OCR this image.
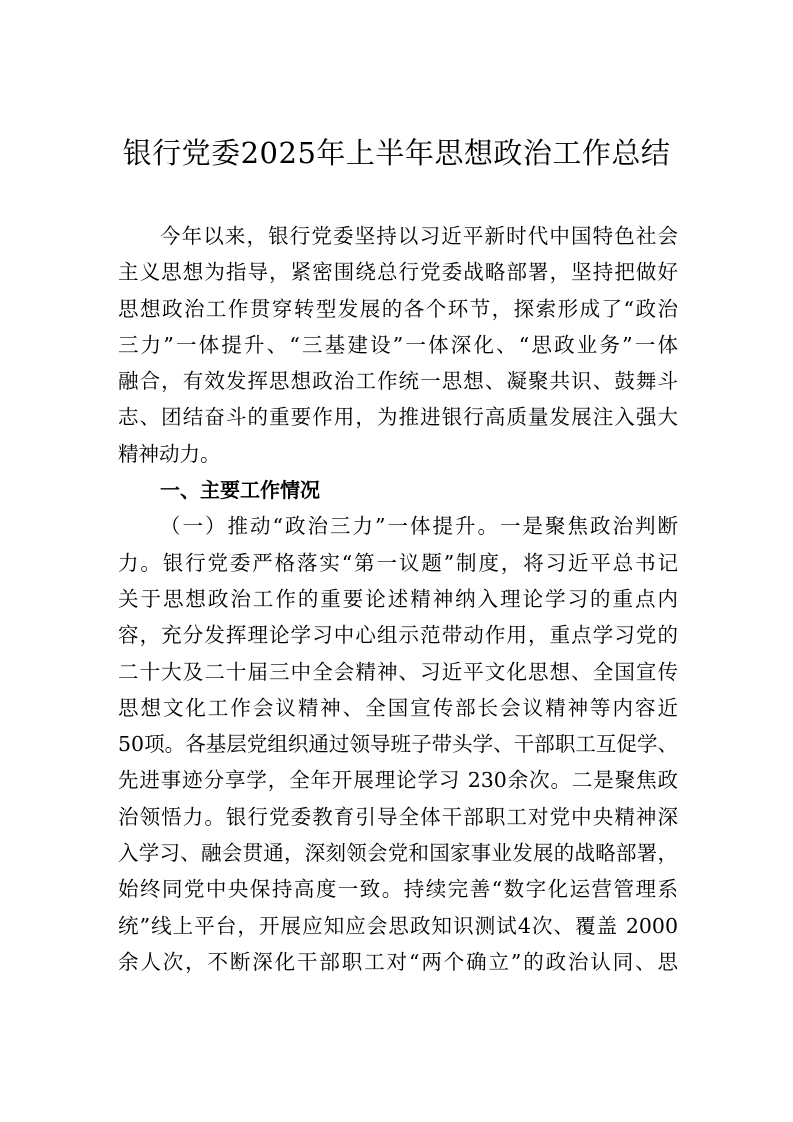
银行党委2025年上半年思想政治工作总结
今年以来，银行党委坚持以习近平新时代中国特色社会
主义思想为指导，紧密围绕总行党委战略部署，坚持把做好
思想政治工作贯穿转型发展的各个环节，探索形成了“政治
三力”一体提升、“三基建设”一体深化、“思政业务”一体
融合，有效发挥思想政治工作统一思想、凝聚共识、鼓舞斗
志、团结奋斗的重要作用，为推进银行高质量发展注入强大
精神动力。
一、主要工作情况
（一）推动“政治三力”一体提升。一是聚焦政治判断
力。银行党委严格落实“第一议题”制度，将习近平总书记
关于思想政治工作的重要论述精神纳入理论学习的重点内
容，充分发挥理论学习中心组示范带动作用，重点学习党的
二十大及二十届三中全会精神、习近平文化思想、全国宣传
思想文化工作会议精神、全国宣传部长会议精神等内容近
50项。各基层党组织通过领导班子带头学、干部职工互促学、
先进事迹分享学，全年开展理论学习 230余次。二是聚焦政
治领悟力。银行党委教育引导全体干部职工对党中央精神深
入学习、融会贯通，深刻领会党和国家事业发展的战略部署，
始终同党中央保持高度一致。持续完善“数字化运营管理系
统”线上平台，开展应知应会思政知识测试4次、覆盖 2000
余人次，不断深化干部职工对“两个确立”的政治认同、思
